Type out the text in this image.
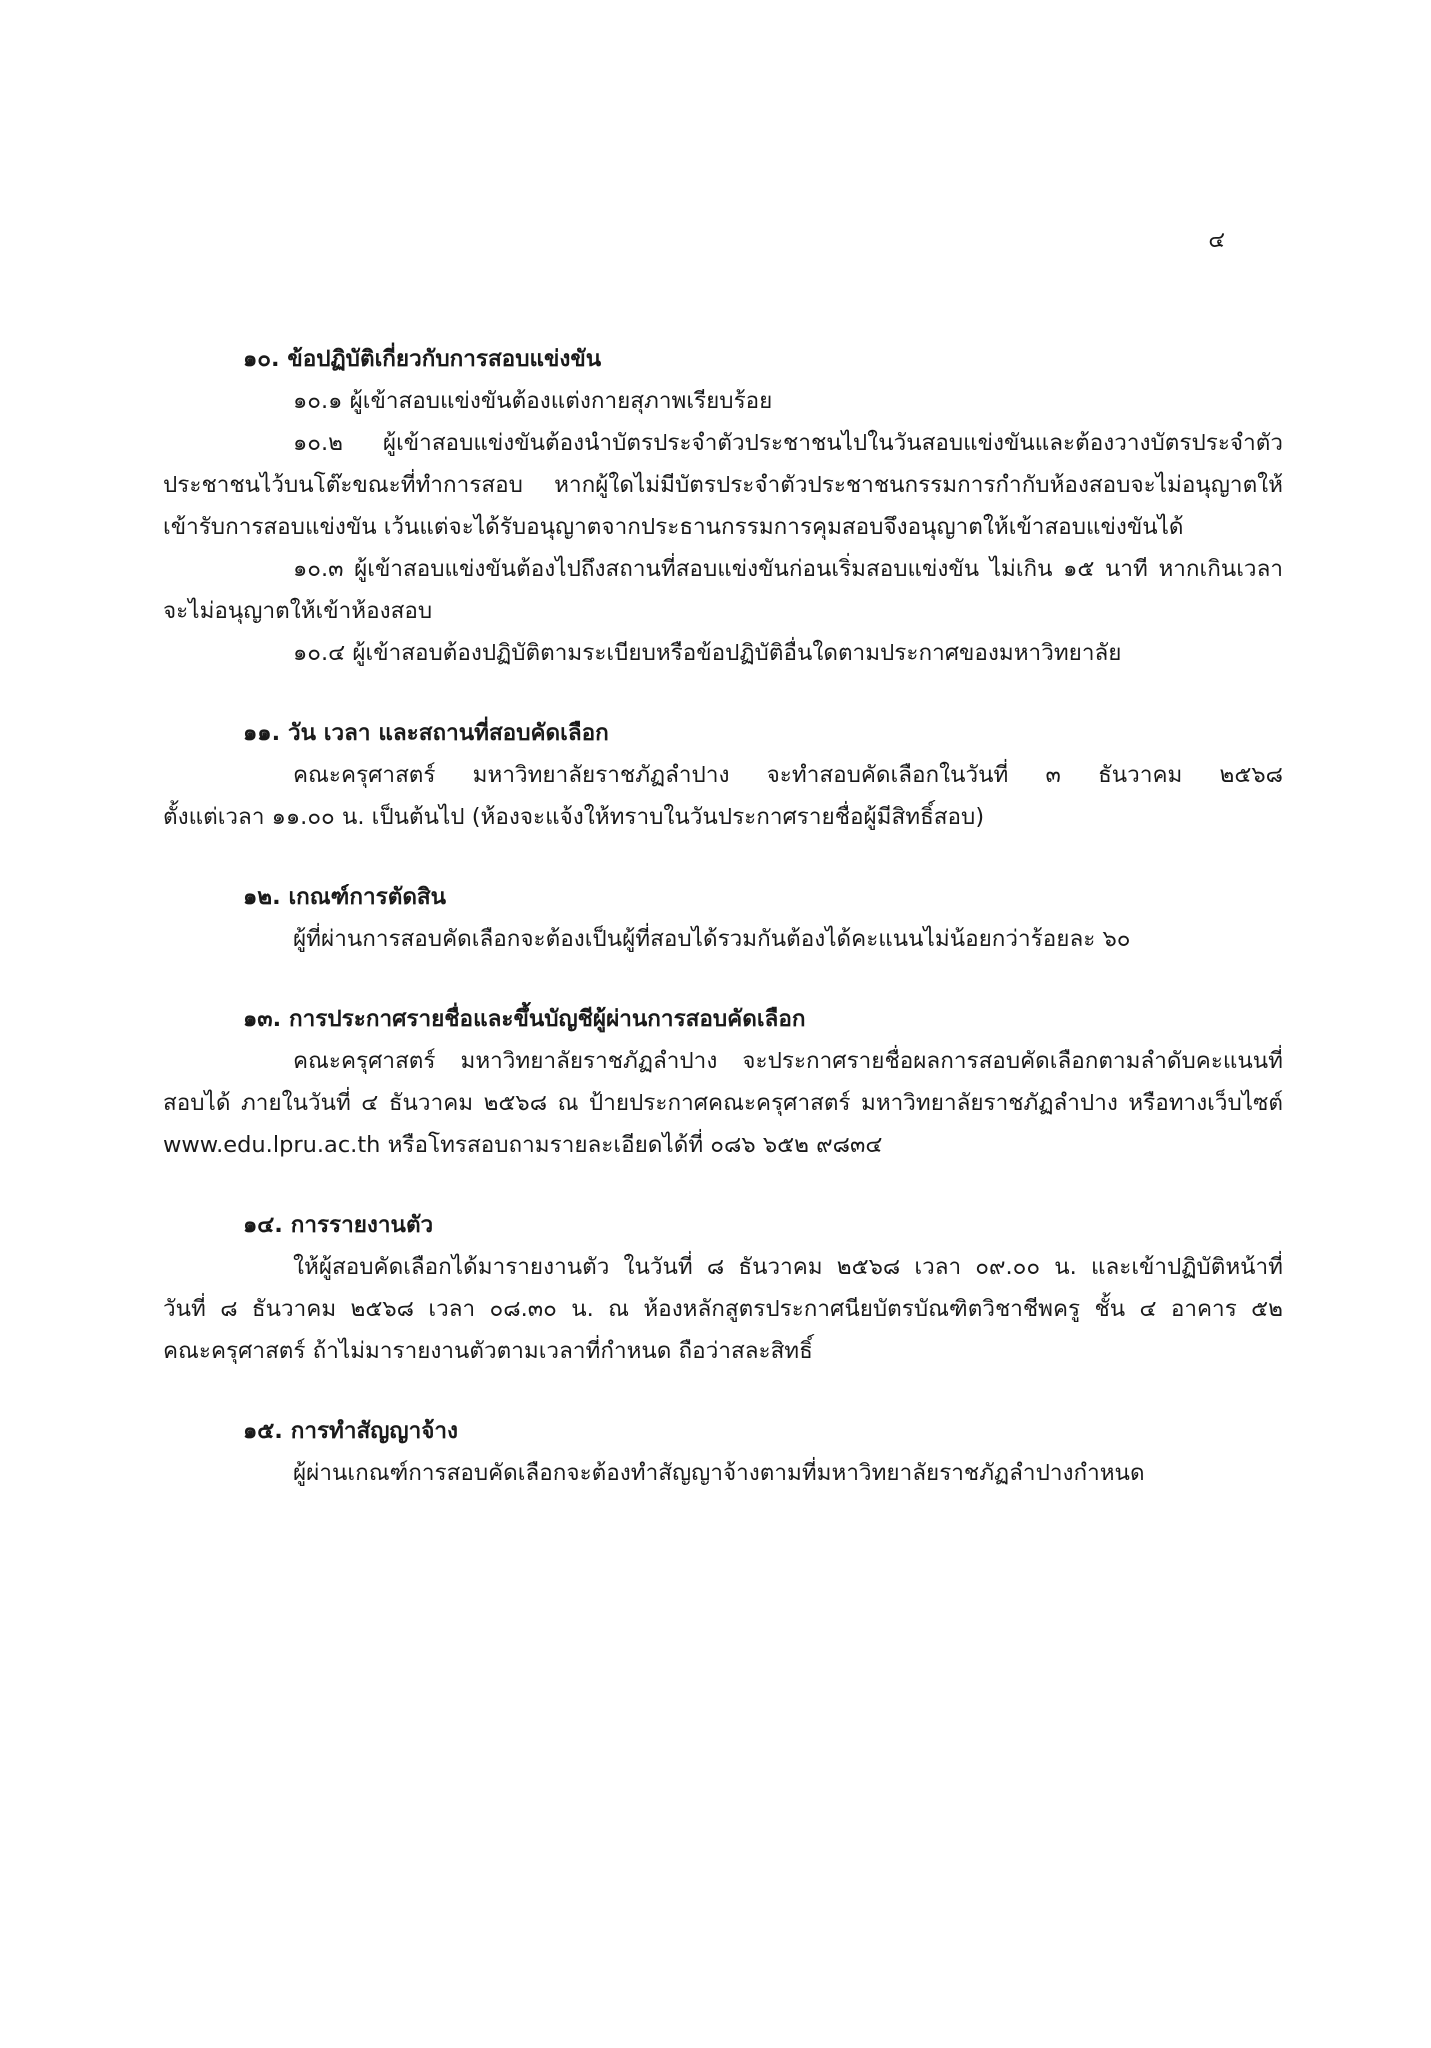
๔
๑๐. ข้อปฏิบัติเกี่ยวกับการสอบแข่งขัน
๑๐.๑ ผู้เข้าสอบแข่งขันต้องแต่งกายสุภาพเรียบร้อย
๑๐.๒ ผู้เข้าสอบแข่งขันต้องนำบัตรประจำตัวประชาชนไปในวันสอบแข่งขันและต้องวางบัตรประจำตัว
ประชาชนไว้บนโต๊ะขณะที่ทำการสอบ หากผู้ใดไม่มีบัตรประจำตัวประชาชนกรรมการกำกับห้องสอบจะไม่อนุญาตให้
เข้ารับการสอบแข่งขัน เว้นแต่จะได้รับอนุญาตจากประธานกรรมการคุมสอบจึงอนุญาตให้เข้าสอบแข่งขันได้
๑๐.๓ ผู้เข้าสอบแข่งขันต้องไปถึงสถานที่สอบแข่งขันก่อนเริ่มสอบแข่งขัน ไม่เกิน ๑๕ นาที หากเกินเวลา
จะไม่อนุญาตให้เข้าห้องสอบ
๑๐.๔ ผู้เข้าสอบต้องปฏิบัติตามระเบียบหรือข้อปฏิบัติอื่นใดตามประกาศของมหาวิทยาลัย
๑๑. วัน เวลา และสถานที่สอบคัดเลือก
คณะครุศาสตร์ มหาวิทยาลัยราชภัฏลำปาง จะทำสอบคัดเลือกในวันที่ ๓ ธันวาคม ๒๕๖๘
ตั้งแต่เวลา ๑๑.๐๐ น. เป็นต้นไป (ห้องจะแจ้งให้ทราบในวันประกาศรายชื่อผู้มีสิทธิ์สอบ)
๑๒. เกณฑ์การตัดสิน
ผู้ที่ผ่านการสอบคัดเลือกจะต้องเป็นผู้ที่สอบได้รวมกันต้องได้คะแนนไม่น้อยกว่าร้อยละ ๖๐
๑๓. การประกาศรายชื่อและขึ้นบัญชีผู้ผ่านการสอบคัดเลือก
คณะครุศาสตร์ มหาวิทยาลัยราชภัฏลำปาง จะประกาศรายชื่อผลการสอบคัดเลือกตามลำดับคะแนนที่
สอบได้ ภายในวันที่ ๔ ธันวาคม ๒๕๖๘ ณ ป้ายประกาศคณะครุศาสตร์ มหาวิทยาลัยราชภัฏลำปาง หรือทางเว็บไซต์
www.edu.lpru.ac.th หรือโทรสอบถามรายละเอียดได้ที่ ๐๘๖ ๖๕๒ ๙๘๓๔
๑๔. การรายงานตัว
ให้ผู้สอบคัดเลือกได้มารายงานตัว ในวันที่ ๘ ธันวาคม ๒๕๖๘ เวลา ๐๙.๐๐ น. และเข้าปฏิบัติหน้าที่
วันที่ ๘ ธันวาคม ๒๕๖๘ เวลา ๐๘.๓๐ น. ณ ห้องหลักสูตรประกาศนียบัตรบัณฑิตวิชาชีพครู ชั้น ๔ อาคาร ๕๒
คณะครุศาสตร์ ถ้าไม่มารายงานตัวตามเวลาที่กำหนด ถือว่าสละสิทธิ์
๑๕. การทำสัญญาจ้าง
ผู้ผ่านเกณฑ์การสอบคัดเลือกจะต้องทำสัญญาจ้างตามที่มหาวิทยาลัยราชภัฏลำปางกำหนด
